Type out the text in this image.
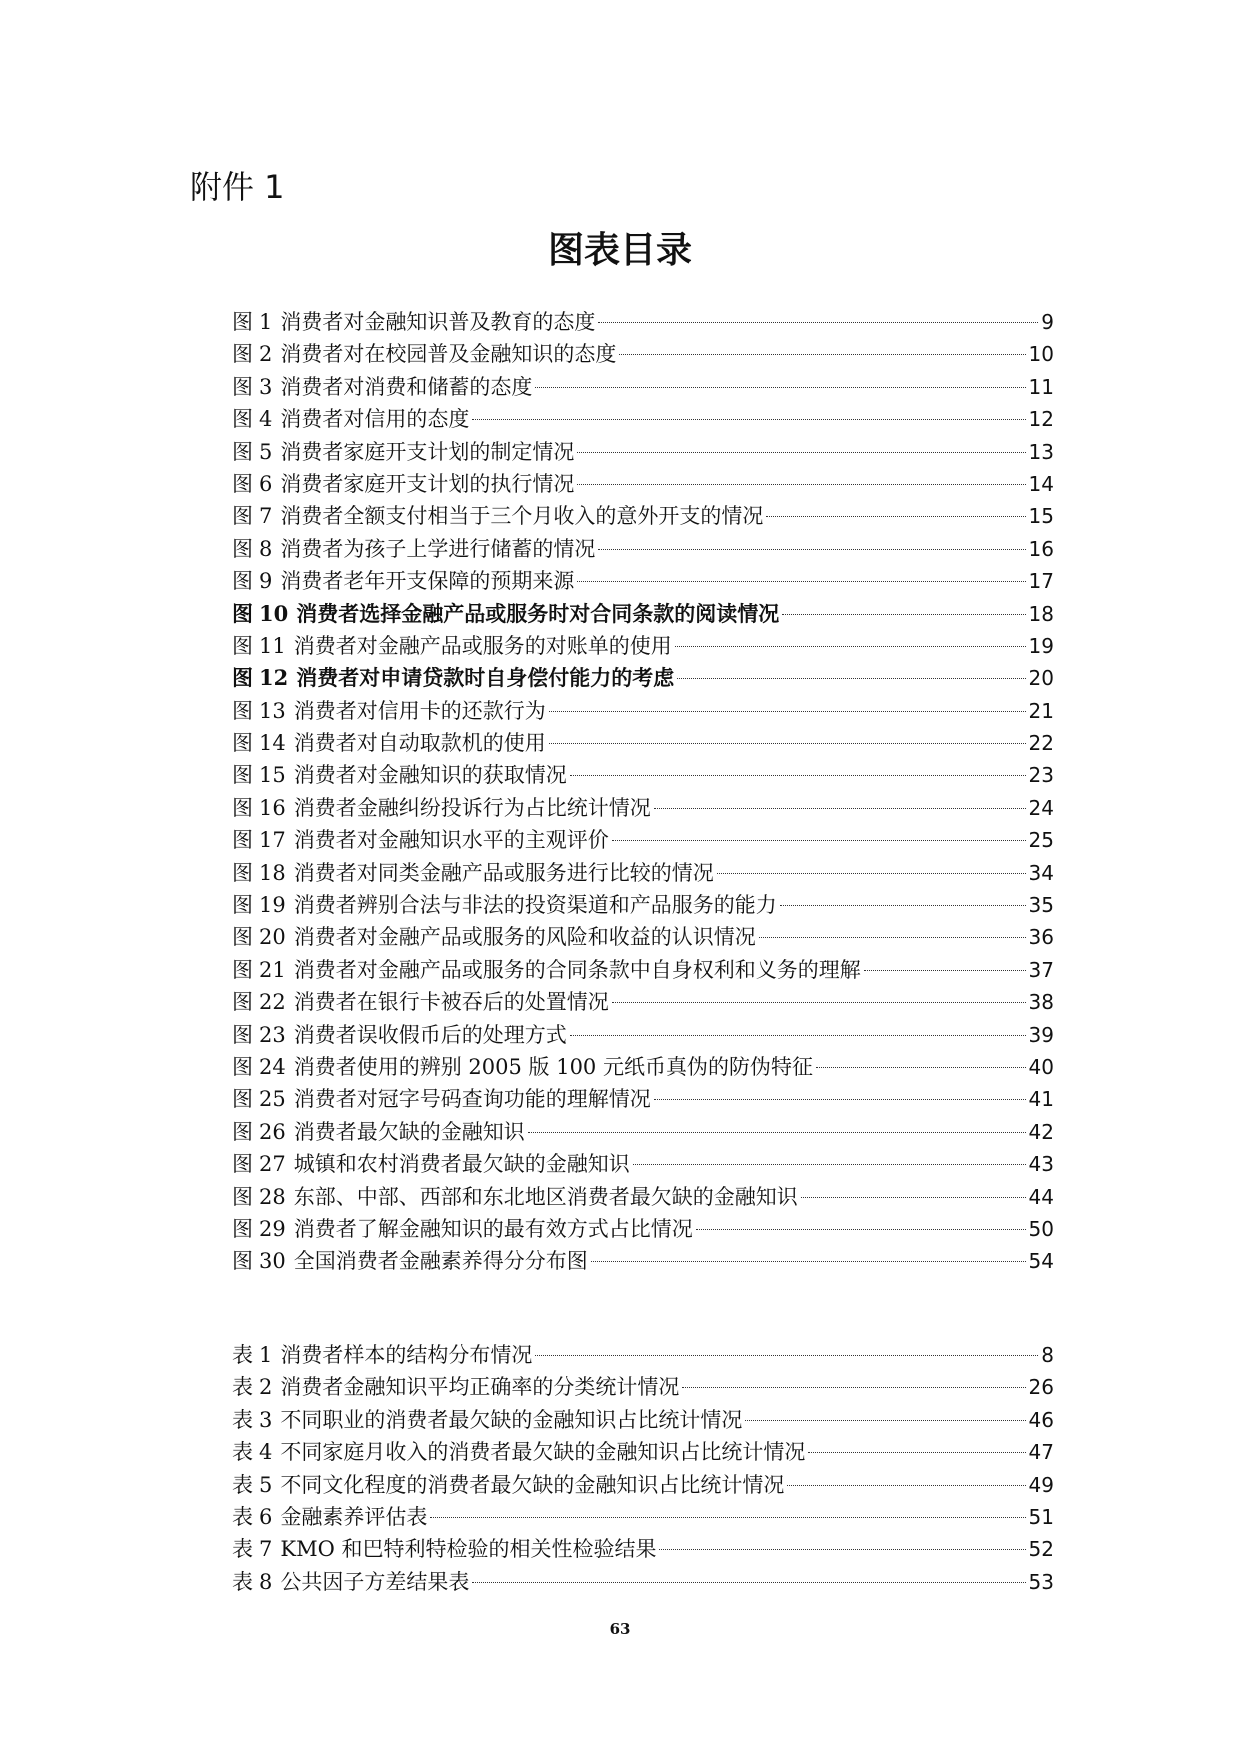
附件 1
图表目录
图 1 消费者对金融知识普及教育的态度	9
图 2 消费者对在校园普及金融知识的态度	10
图 3 消费者对消费和储蓄的态度	11
图 4 消费者对信用的态度	12
图 5 消费者家庭开支计划的制定情况	13
图 6 消费者家庭开支计划的执行情况	14
图 7 消费者全额支付相当于三个月收入的意外开支的情况	15
图 8 消费者为孩子上学进行储蓄的情况	16
图 9 消费者老年开支保障的预期来源	17
图 10 消费者选择金融产品或服务时对合同条款的阅读情况	18
图 11 消费者对金融产品或服务的对账单的使用	19
图 12 消费者对申请贷款时自身偿付能力的考虑	20
图 13 消费者对信用卡的还款行为	21
图 14 消费者对自动取款机的使用	22
图 15 消费者对金融知识的获取情况	23
图 16 消费者金融纠纷投诉行为占比统计情况	24
图 17 消费者对金融知识水平的主观评价	25
图 18 消费者对同类金融产品或服务进行比较的情况	34
图 19 消费者辨别合法与非法的投资渠道和产品服务的能力	35
图 20 消费者对金融产品或服务的风险和收益的认识情况	36
图 21 消费者对金融产品或服务的合同条款中自身权利和义务的理解	37
图 22 消费者在银行卡被吞后的处置情况	38
图 23 消费者误收假币后的处理方式	39
图 24 消费者使用的辨别 2005 版 100 元纸币真伪的防伪特征	40
图 25 消费者对冠字号码查询功能的理解情况	41
图 26 消费者最欠缺的金融知识	42
图 27 城镇和农村消费者最欠缺的金融知识	43
图 28 东部、中部、西部和东北地区消费者最欠缺的金融知识	44
图 29 消费者了解金融知识的最有效方式占比情况	50
图 30 全国消费者金融素养得分分布图	54
表 1 消费者样本的结构分布情况	8
表 2 消费者金融知识平均正确率的分类统计情况	26
表 3 不同职业的消费者最欠缺的金融知识占比统计情况	46
表 4 不同家庭月收入的消费者最欠缺的金融知识占比统计情况	47
表 5 不同文化程度的消费者最欠缺的金融知识占比统计情况	49
表 6 金融素养评估表	51
表 7 KMO 和巴特利特检验的相关性检验结果	52
表 8 公共因子方差结果表	53
63
